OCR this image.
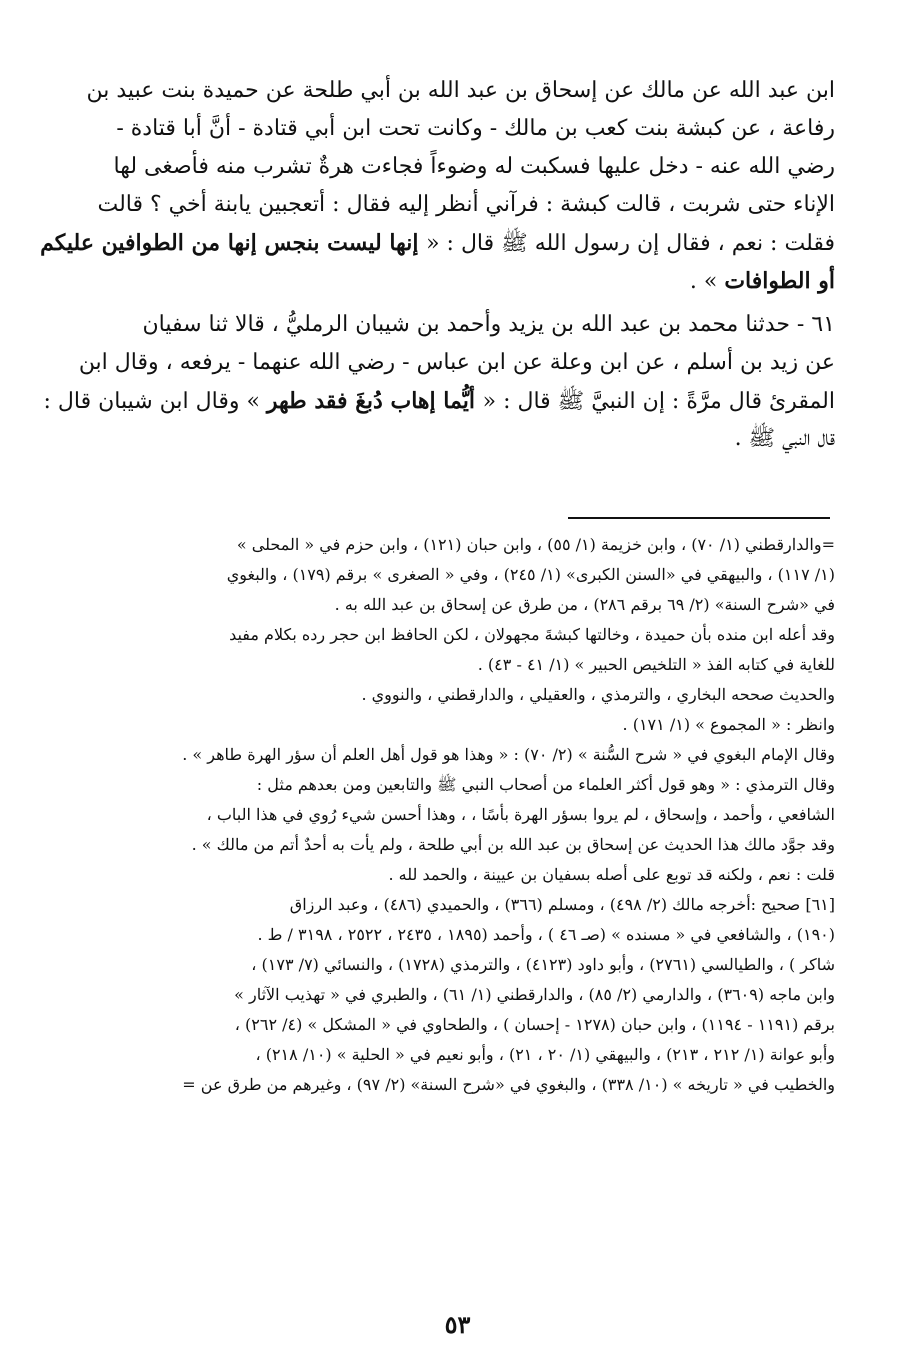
ابن عبد الله عن مالك عن إسحاق بن عبد الله بن أبي طلحة عن حميدة بنت عبيد بن
رفاعة ، عن كبشة بنت كعب بن مالك - وكانت تحت ابن أبي قتادة - أنَّ أبا قتادة -
رضي الله عنه - دخل عليها فسكبت له وضوءاً فجاءت هرةٌ تشرب منه فأصغى لها
الإناء حتى شربت ، قالت كبشة : فرآني أنظر إليه فقال : أتعجبين يابنة أخي ؟ قالت
فقلت : نعم ، فقال إن رسول الله ﷺ قال : « إنها ليست بنجس إنها من الطوافين عليكم
أو الطوافات » .
٦١ - حدثنا محمد بن عبد الله بن يزيد وأحمد بن شيبان الرمليُّ ، قالا ثنا سفيان
عن زيد بن أسلم ، عن ابن وعلة عن ابن عباس - رضي الله عنهما - يرفعه ، وقال ابن
المقرئ قال مرَّةً : إن النبيَّ ﷺ قال : « أيُّما إهاب دُبغَ فقد طهر » وقال ابن شيبان قال :
قال النبي ﷺ .
=والدارقطني (١/ ٧٠) ، وابن خزيمة (١/ ٥٥) ، وابن حبان (١٢١) ، وابن حزم في « المحلى »
(١/ ١١٧) ، والبيهقي في «السنن الكبرى» (١/ ٢٤٥) ، وفي « الصغرى » برقم (١٧٩) ، والبغوي
في «شرح السنة» (٢/ ٦٩ برقم ٢٨٦) ، من طرق عن إسحاق بن عبد الله به .
وقد أعله ابن منده بأن حميدة ، وخالتها كبشةَ مجهولان ، لكن الحافظ ابن حجر رده بكلام مفيد
للغاية في كتابه الفذ « التلخيص الحبير » (١/ ٤١ - ٤٣) .
والحديث صححه البخاري ، والترمذي ، والعقيلي ، والدارقطني ، والنووي .
وانظر : « المجموع » (١/ ١٧١) .
وقال الإمام البغوي في « شرح السُّنة » (٢/ ٧٠) : « وهذا هو قول أهل العلم أن سؤر الهرة طاهر » .
وقال الترمذي : « وهو قول أكثر العلماء من أصحاب النبي ﷺ والتابعين ومن بعدهم مثل :
الشافعي ، وأحمد ، وإسحاق ، لم يروا بسؤر الهرة بأسًا ، ، وهذا أحسن شيء رُوي في هذا الباب ،
وقد جوَّد مالك هذا الحديث عن إسحاق بن عبد الله بن أبي طلحة ، ولم يأت به أحدٌ أتم من مالك » .
قلت : نعم ، ولكنه قد توبع على أصله بسفيان بن عيينة ، والحمد لله .
[٦١] صحيح :أخرجه مالك (٢/ ٤٩٨) ، ومسلم (٣٦٦) ، والحميدي (٤٨٦) ، وعبد الرزاق
(١٩٠) ، والشافعي في « مسنده » (صـ ٤٦ ) ، وأحمد (١٨٩٥ ، ٢٤٣٥ ، ٢٥٢٢ ، ٣١٩٨ / ط .
شاكر ) ، والطيالسي (٢٧٦١) ، وأبو داود (٤١٢٣) ، والترمذي (١٧٢٨) ، والنسائي (٧/ ١٧٣) ،
وابن ماجه (٣٦٠٩) ، والدارمي (٢/ ٨٥) ، والدارقطني (١/ ٦١) ، والطبري في « تهذيب الآثار »
برقم (١١٩١ - ١١٩٤) ، وابن حبان (١٢٧٨ - إحسان ) ، والطحاوي في « المشكل » (٤/ ٢٦٢) ،
وأبو عوانة (١/ ٢١٢ ، ٢١٣) ، والبيهقي (١/ ٢٠ ، ٢١) ، وأبو نعيم في « الحلية » (١٠/ ٢١٨) ،
والخطيب في « تاريخه » (١٠/ ٣٣٨) ، والبغوي في «شرح السنة» (٢/ ٩٧) ، وغيرهم من طرق عن =
٥٣
